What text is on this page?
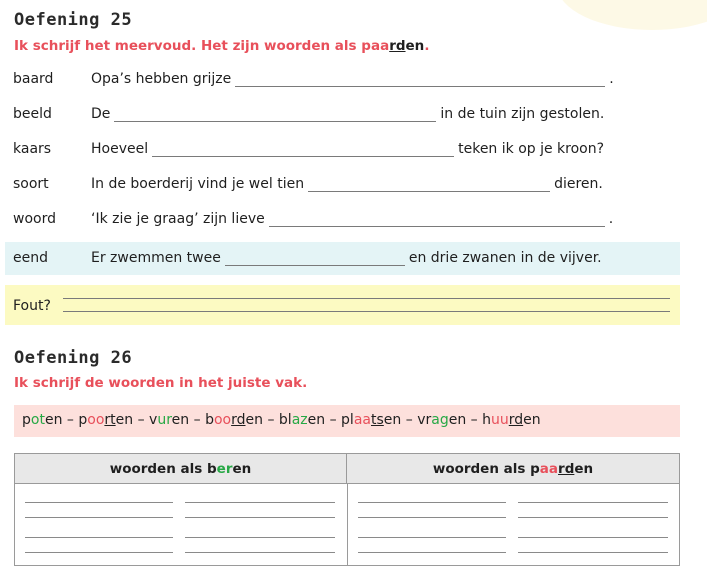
Oefening 25
Ik schrijf het meervoud. Het zijn woorden als paarden.
baard	Opa’s hebben grijze	.
beeld	De	in de tuin zijn gestolen.
kaars	Hoeveel	teken ik op je kroon?
soort	In de boerderij vind je wel tien	dieren.
woord	‘Ik zie je graag’ zijn lieve	.
eend	Er zwemmen twee	en drie zwanen in de vijver.
Fout?
Oefening 26
Ik schrijf de woorden in het juiste vak.
poten – poorten – vuren – boorden – blazen – plaatsen – vragen – huurden
woorden als beren	woorden als paarden
